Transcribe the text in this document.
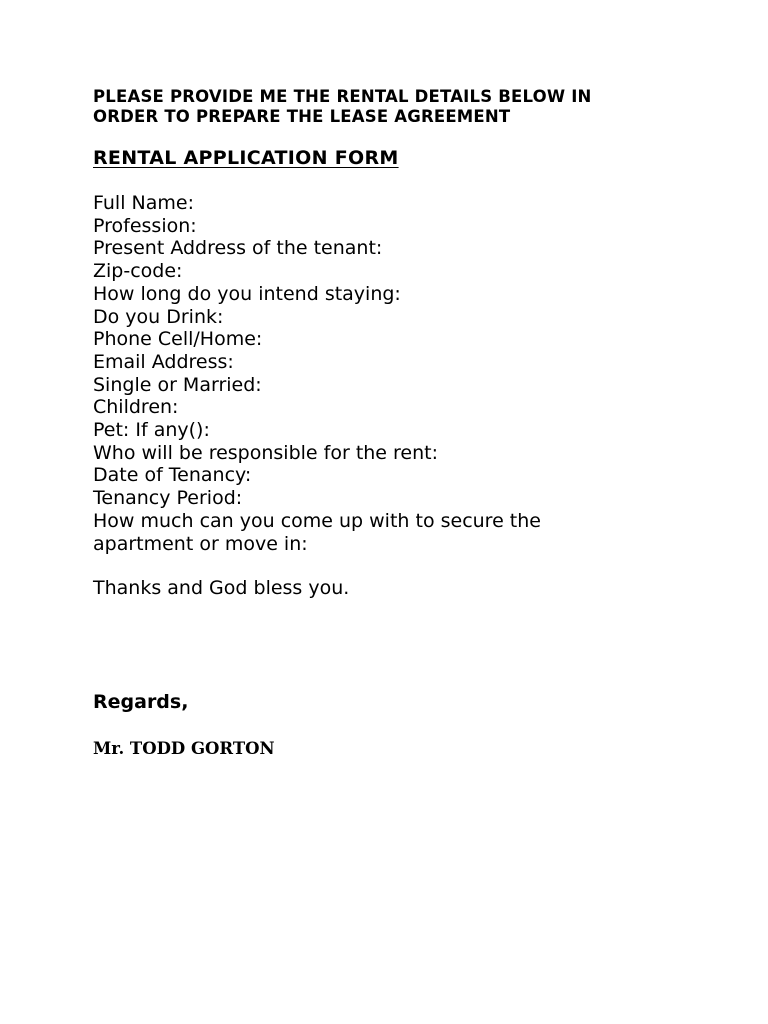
PLEASE PROVIDE ME THE RENTAL DETAILS BELOW IN
ORDER TO PREPARE THE LEASE AGREEMENT

RENTAL APPLICATION FORM
Full Name:
Profession:
Present Address of the tenant:
Zip-code:
How long do you intend staying:
Do you Drink:
Phone Cell/Home:
Email Address:
Single or Married:
Children:
Pet: If any():
Who will be responsible for the rent:
Date of Tenancy:
Tenancy Period:
How much can you come up with to secure the
apartment or move in:

Thanks and God bless you.

Regards,

Mr. TODD GORTON
